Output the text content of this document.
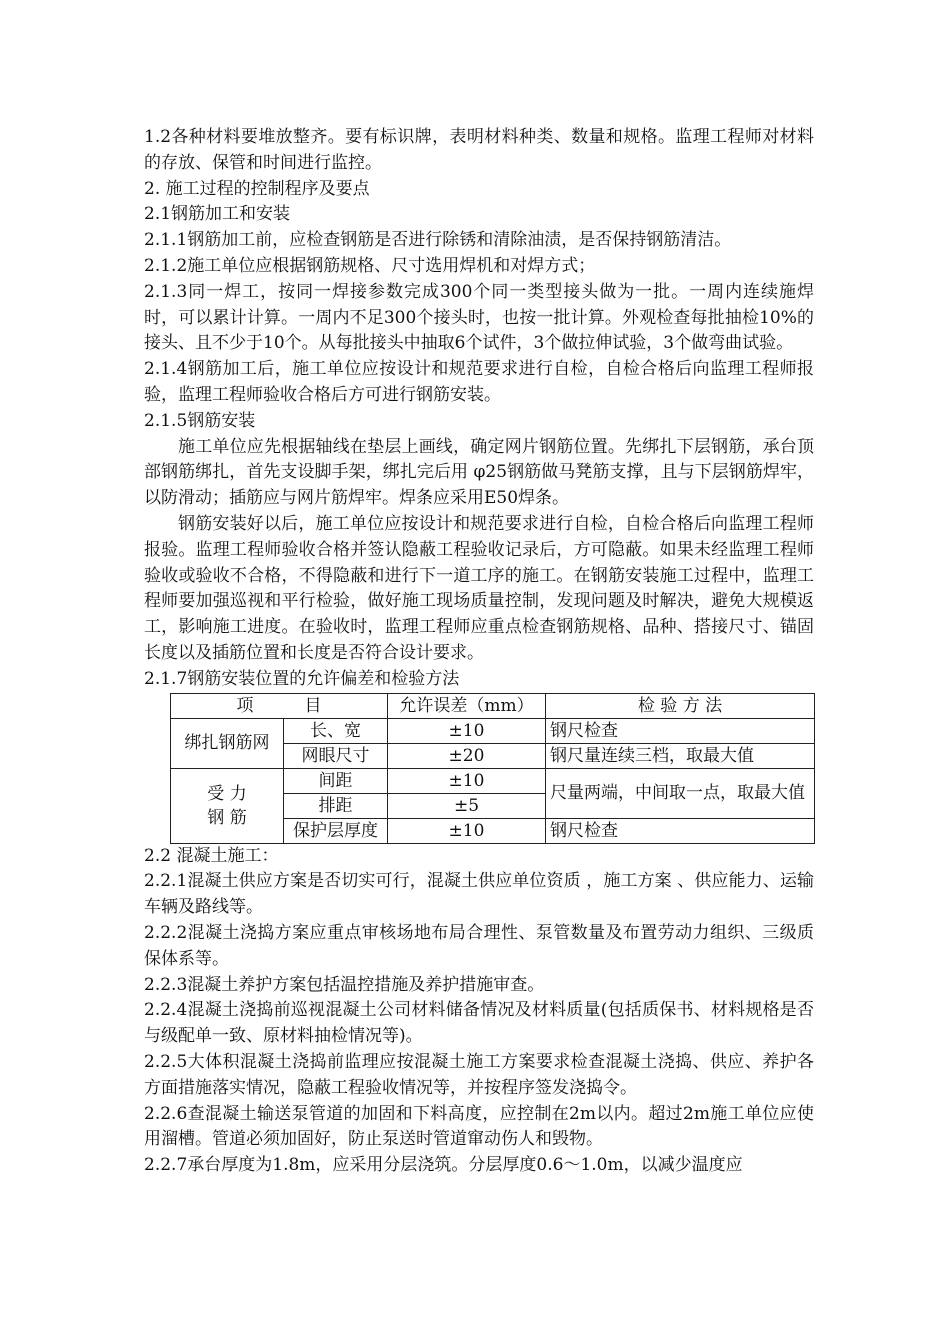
1.2各种材料要堆放整齐。要有标识牌，表明材料种类、数量和规格。监理工程师对材料的存放、保管和时间进行监控。

2. 施工过程的控制程序及要点

2.1钢筋加工和安装

2.1.1钢筋加工前，应检查钢筋是否进行除锈和清除油渍，是否保持钢筋清洁。

2.1.2施工单位应根据钢筋规格、尺寸选用焊机和对焊方式；

2.1.3同一焊工，按同一焊接参数完成300个同一类型接头做为一批。一周内连续施焊时，可以累计计算。一周内不足300个接头时，也按一批计算。外观检查每批抽检10%的接头、且不少于10个。从每批接头中抽取6个试件，3个做拉伸试验，3个做弯曲试验。

2.1.4钢筋加工后，施工单位应按设计和规范要求进行自检，自检合格后向监理工程师报验，监理工程师验收合格后方可进行钢筋安装。

2.1.5钢筋安装

施工单位应先根据轴线在垫层上画线，确定网片钢筋位置。先绑扎下层钢筋，承台顶部钢筋绑扎，首先支设脚手架，绑扎完后用 φ25钢筋做马凳筋支撑，且与下层钢筋焊牢，以防滑动；插筋应与网片筋焊牢。焊条应采用E50焊条。

钢筋安装好以后，施工单位应按设计和规范要求进行自检，自检合格后向监理工程师报验。监理工程师验收合格并签认隐蔽工程验收记录后，方可隐蔽。如果未经监理工程师验收或验收不合格，不得隐蔽和进行下一道工序的施工。在钢筋安装施工过程中，监理工程师要加强巡视和平行检验，做好施工现场质量控制，发现问题及时解决，避免大规模返工，影响施工进度。在验收时，监理工程师应重点检查钢筋规格、品种、搭接尺寸、锚固长度以及插筋位置和长度是否符合设计要求。

2.1.7钢筋安装位置的允许偏差和检验方法

项　　　目		允许误差（mm）	检 验 方 法
绑扎钢筋网	长、宽	±10	钢尺检查
	网眼尺寸	±20	钢尺量连续三档，取最大值

受 力
钢 筋	间距	±10	尺量两端，中间取一点，取最大值
	排距	±5	
	保护层厚度	±10	钢尺检查

2.2 混凝土施工：

2.2.1混凝土供应方案是否切实可行，混凝土供应单位资质 ，施工方案 、供应能力、运输车辆及路线等。

2.2.2混凝土浇捣方案应重点审核场地布局合理性、泵管数量及布置劳动力组织、三级质保体系等。

2.2.3混凝土养护方案包括温控措施及养护措施审查。

2.2.4混凝土浇捣前巡视混凝土公司材料储备情况及材料质量(包括质保书、材料规格是否与级配单一致、原材料抽检情况等)。

2.2.5大体积混凝土浇捣前监理应按混凝土施工方案要求检查混凝土浇捣、供应、养护各方面措施落实情况，隐蔽工程验收情况等，并按程序签发浇捣令。

2.2.6查混凝土输送泵管道的加固和下料高度，应控制在2m以内。超过2m施工单位应使用溜槽。管道必须加固好，防止泵送时管道窜动伤人和毁物。

2.2.7承台厚度为1.8m，应采用分层浇筑。分层厚度0.6～1.0m，以减少温度应
